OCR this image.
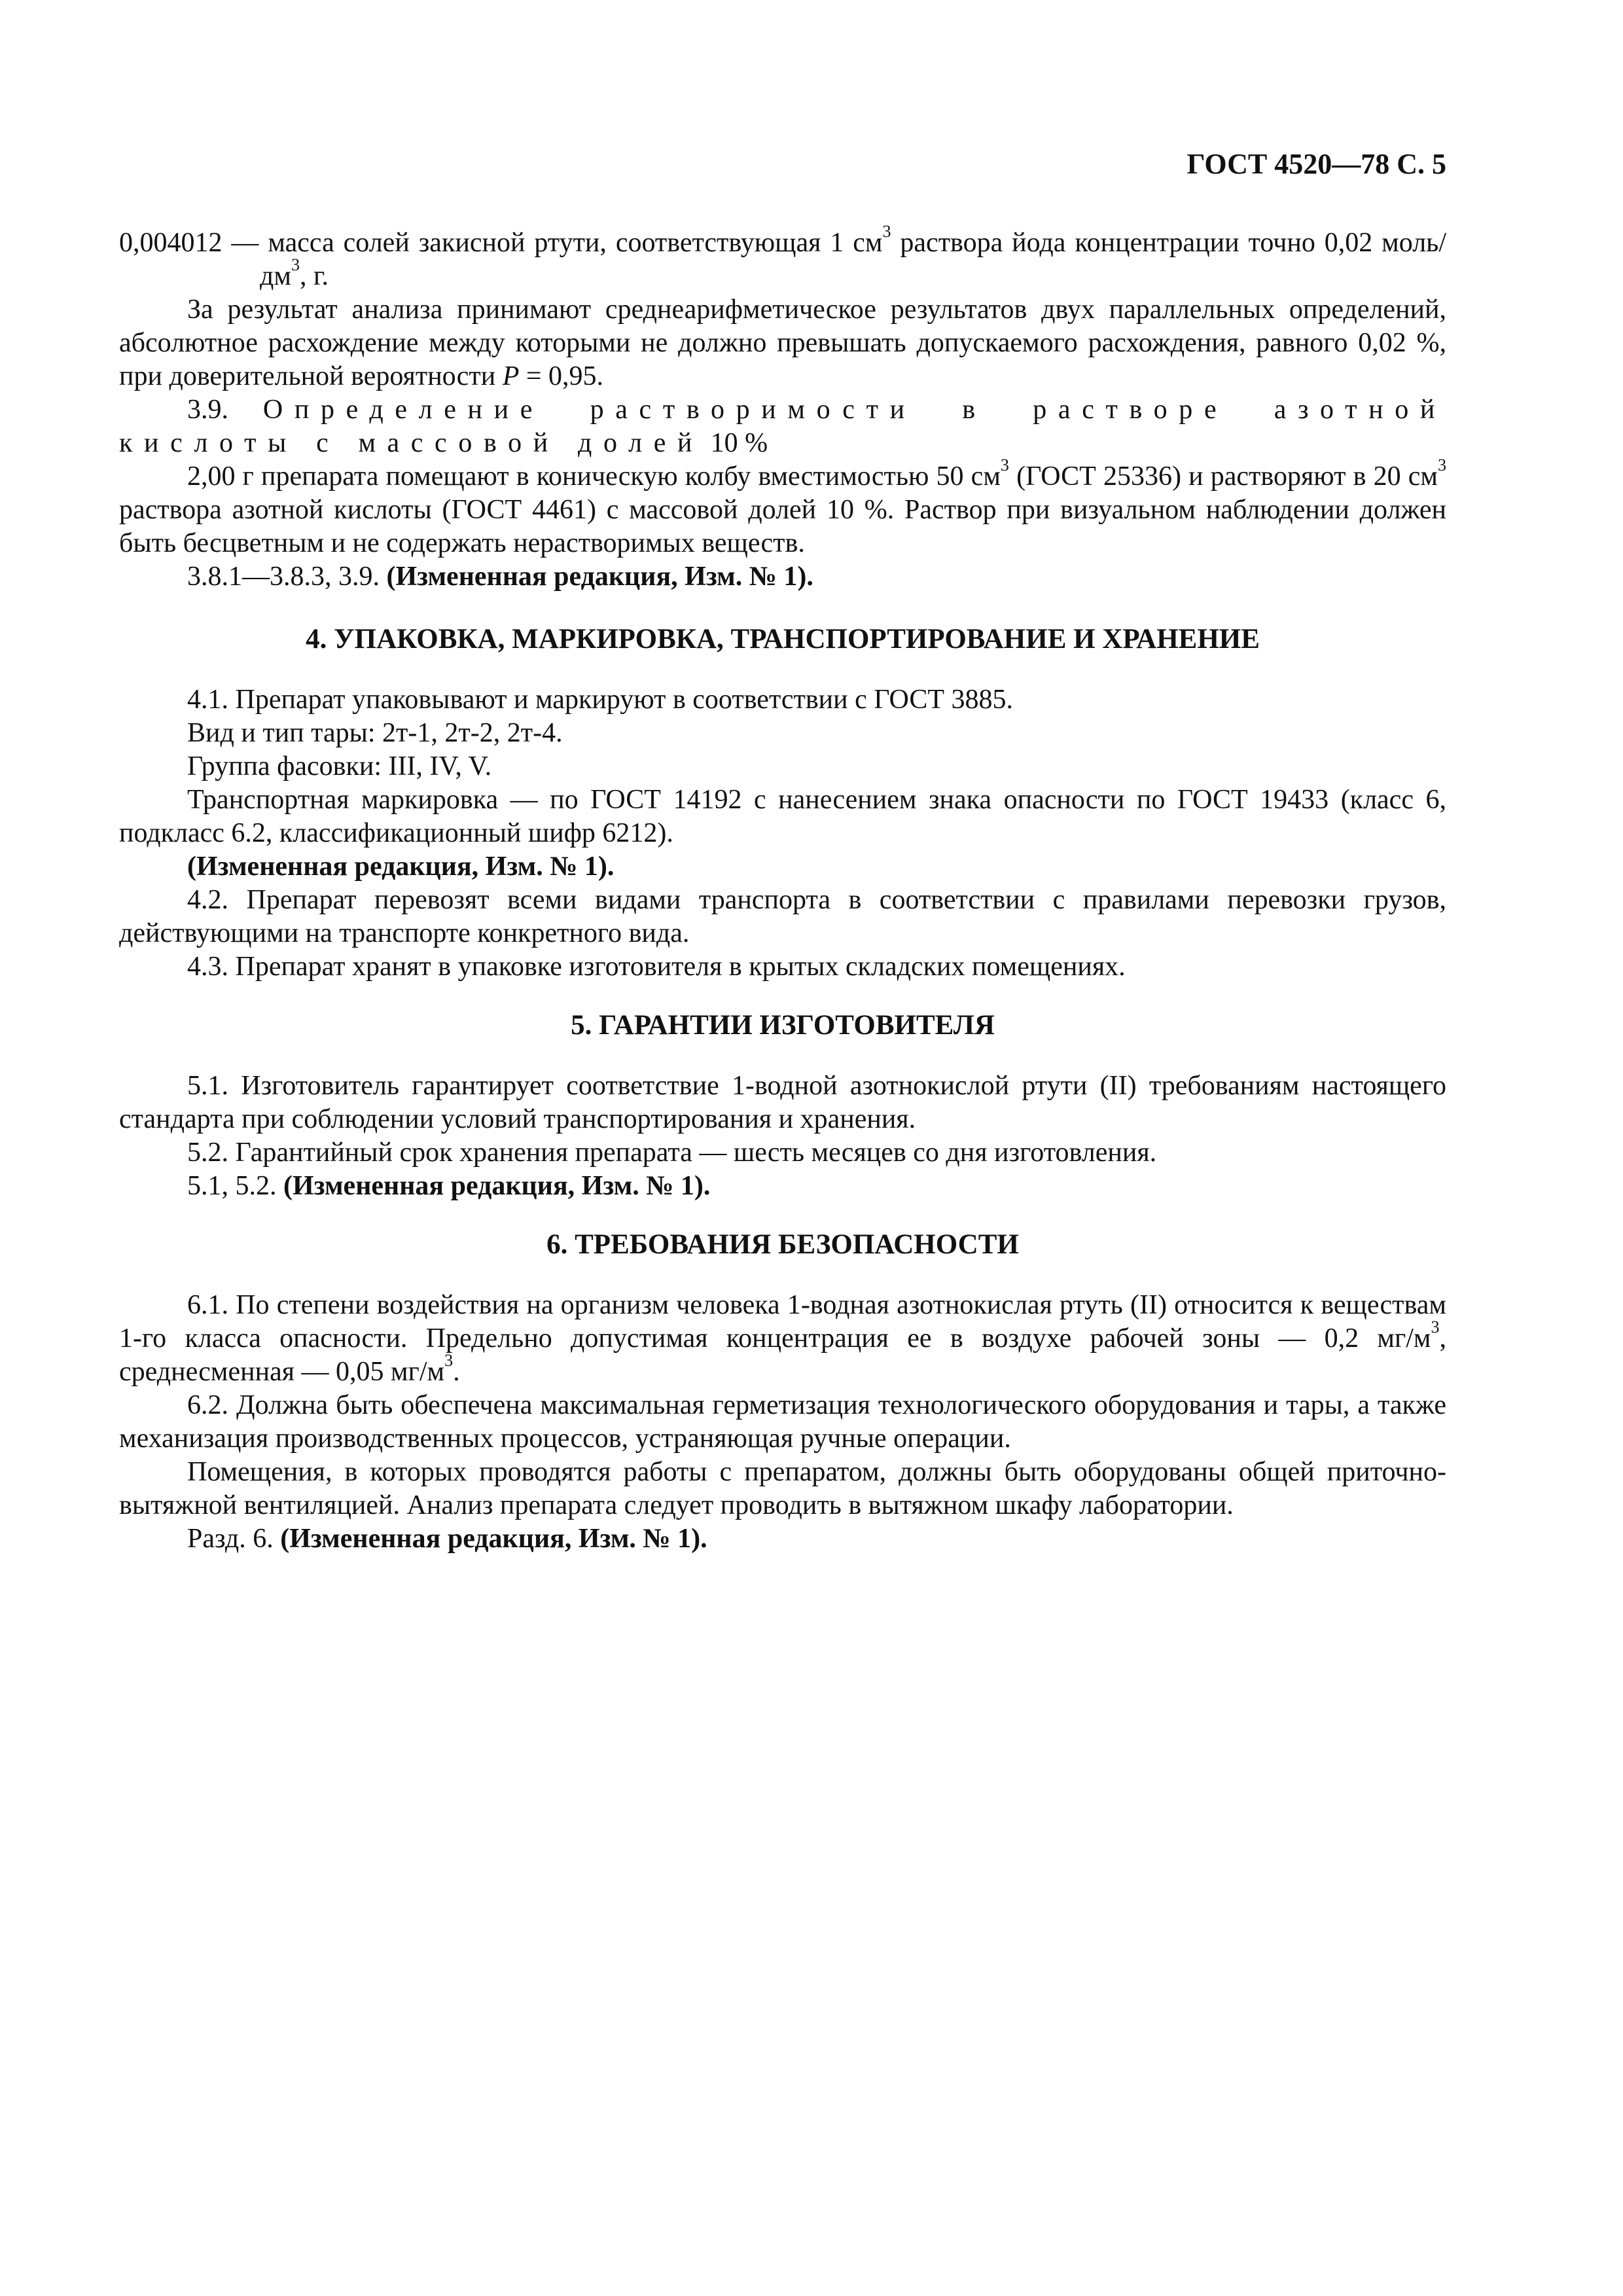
ГОСТ 4520—78 С. 5

0,004012 — масса солей закисной ртути, соответствующая 1 $см^3$ раствора йода концентрации точно 0,02 моль/$дм^3$, г.

За результат анализа принимают среднеарифметическое результатов двух параллельных определений, абсолютное расхождение между которыми не должно превышать допускаемого расхождения, равного 0,02 %, при доверительной вероятности P = 0,95.

3.9. Определение растворимости в растворе азотной кислоты с массовой долей 10 %

2,00 г препарата помещают в коническую колбу вместимостью 50 $см^3$ (ГОСТ 25336) и растворяют в 20 $см^3$ раствора азотной кислоты (ГОСТ 4461) с массовой долей 10 %. Раствор при визуальном наблюдении должен быть бесцветным и не содержать нерастворимых веществ.

3.8.1—3.8.3, 3.9. (Измененная редакция, Изм. № 1).

4. УПАКОВКА, МАРКИРОВКА, ТРАНСПОРТИРОВАНИЕ И ХРАНЕНИЕ

4.1. Препарат упаковывают и маркируют в соответствии с ГОСТ 3885.

Вид и тип тары: 2т-1, 2т-2, 2т-4.

Группа фасовки: III, IV, V.

Транспортная маркировка — по ГОСТ 14192 с нанесением знака опасности по ГОСТ 19433 (класс 6, подкласс 6.2, классификационный шифр 6212).

(Измененная редакция, Изм. № 1).

4.2. Препарат перевозят всеми видами транспорта в соответствии с правилами перевозки грузов, действующими на транспорте конкретного вида.

4.3. Препарат хранят в упаковке изготовителя в крытых складских помещениях.

5. ГАРАНТИИ ИЗГОТОВИТЕЛЯ

5.1. Изготовитель гарантирует соответствие 1-водной азотнокислой ртути (II) требованиям настоящего стандарта при соблюдении условий транспортирования и хранения.

5.2. Гарантийный срок хранения препарата — шесть месяцев со дня изготовления.

5.1, 5.2. (Измененная редакция, Изм. № 1).

6. ТРЕБОВАНИЯ БЕЗОПАСНОСТИ

6.1. По степени воздействия на организм человека 1-водная азотнокислая ртуть (II) относится к веществам 1-го класса опасности. Предельно допустимая концентрация ее в воздухе рабочей зоны — 0,2 $мг/м^3$, среднесменная — 0,05 $мг/м^3$.

6.2. Должна быть обеспечена максимальная герметизация технологического оборудования и тары, а также механизация производственных процессов, устраняющая ручные операции.

Помещения, в которых проводятся работы с препаратом, должны быть оборудованы общей приточно-вытяжной вентиляцией. Анализ препарата следует проводить в вытяжном шкафу лаборатории.

Разд. 6. (Измененная редакция, Изм. № 1).
